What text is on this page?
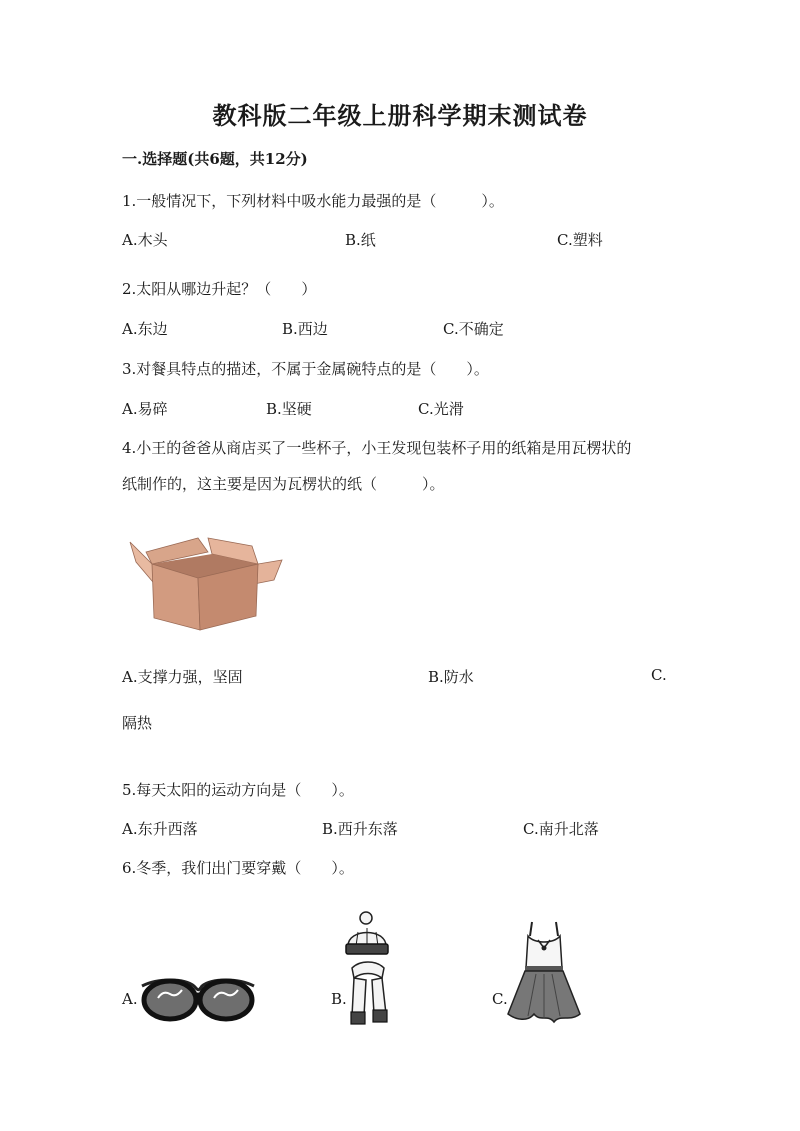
教科版二年级上册科学期末测试卷
一.选择题(共6题，共12分)
1.一般情况下，下列材料中吸水能力最强的是（　　　）。
A.木头	B.纸	C.塑料
2.太阳从哪边升起？（　　）
A.东边	B.西边	C.不确定
3.对餐具特点的描述，不属于金属碗特点的是（　　）。
A.易碎	B.坚硬	C.光滑
4.小王的爸爸从商店买了一些杯子，小王发现包装杯子用的纸箱是用瓦楞状的
纸制作的，这主要是因为瓦楞状的纸（　　　）。
A.支撑力强，坚固	B.防水	C.
隔热
5.每天太阳的运动方向是（　　）。
A.东升西落	B.西升东落	C.南升北落
6.冬季，我们出门要穿戴（　　）。
A.	B.	C.
